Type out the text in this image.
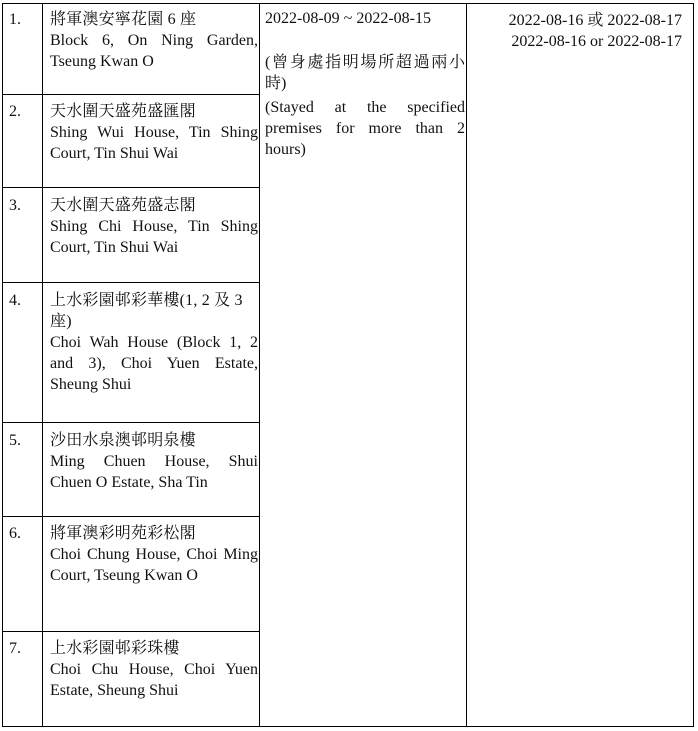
1. 將軍澳安寧花園 6 座
Block 6, On Ning Garden, Tseung Kwan O
2. 天水圍天盛苑盛匯閣
Shing Wui House, Tin Shing Court, Tin Shui Wai
3. 天水圍天盛苑盛志閣
Shing Chi House, Tin Shing Court, Tin Shui Wai
4. 上水彩園邨彩華樓(1, 2 及 3 座)
Choi Wah House (Block 1, 2 and 3), Choi Yuen Estate, Sheung Shui
5. 沙田水泉澳邨明泉樓
Ming Chuen House, Shui Chuen O Estate, Sha Tin
6. 將軍澳彩明苑彩松閣
Choi Chung House, Choi Ming Court, Tseung Kwan O
7. 上水彩園邨彩珠樓
Choi Chu House, Choi Yuen Estate, Sheung Shui
2022-08-09 ~ 2022-08-15
(曾身處指明場所超過兩小時)
(Stayed at the specified premises for more than 2 hours)
2022-08-16 或 2022-08-17
2022-08-16 or 2022-08-17
